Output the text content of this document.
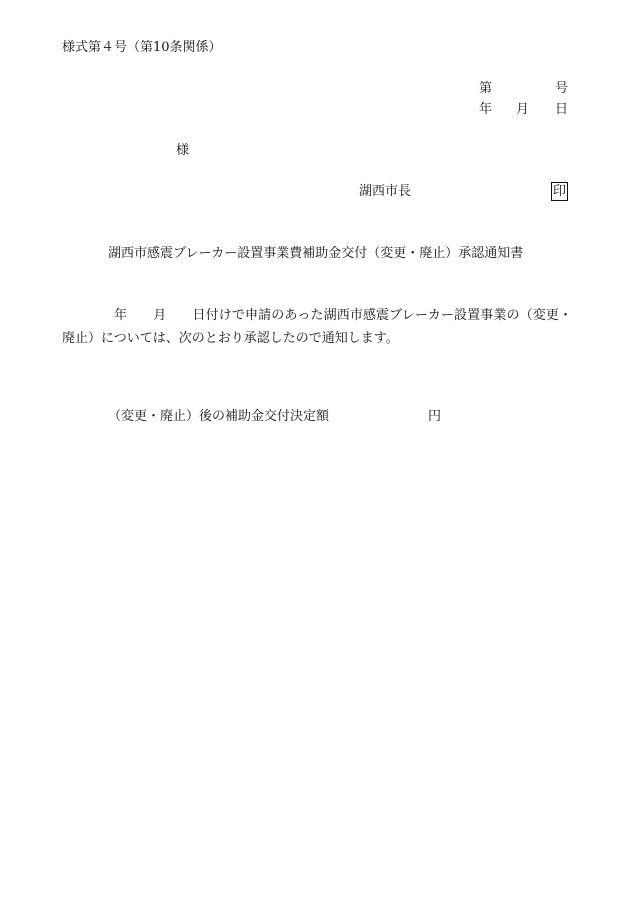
様式第４号（第10条関係）
第	号
年 月 日
様
湖西市長	印
湖西市感震ブレーカー設置事業費補助金交付（変更・廃止）承認通知書
年 月 日付けで申請のあった湖西市感震ブレーカー設置事業の（変更・廃止）については、次のとおり承認したので通知します。
（変更・廃止）後の補助金交付決定額	円
